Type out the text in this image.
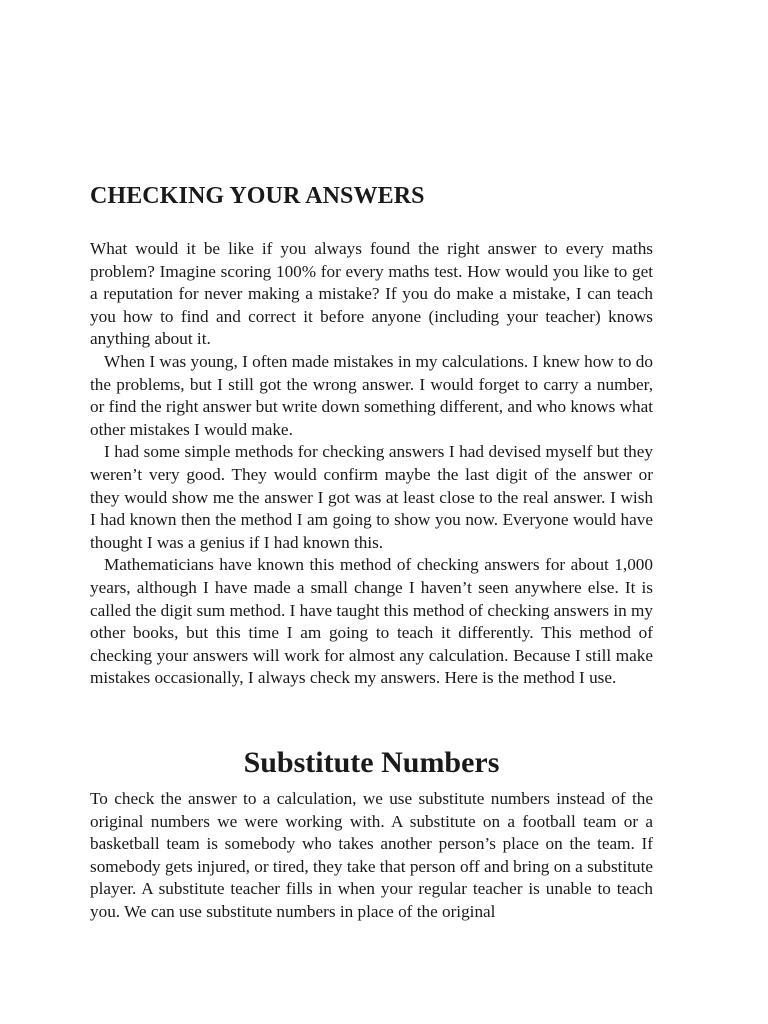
CHECKING YOUR ANSWERS

What would it be like if you always found the right answer to every maths problem? Imagine scoring 100% for every maths test. How would you like to get a reputation for never making a mistake? If you do make a mistake, I can teach you how to find and correct it before anyone (including your teacher) knows anything about it.

When I was young, I often made mistakes in my calculations. I knew how to do the problems, but I still got the wrong answer. I would forget to carry a number, or find the right answer but write down something different, and who knows what other mistakes I would make.

I had some simple methods for checking answers I had devised myself but they weren’t very good. They would confirm maybe the last digit of the answer or they would show me the answer I got was at least close to the real answer. I wish I had known then the method I am going to show you now. Everyone would have thought I was a genius if I had known this.

Mathematicians have known this method of checking answers for about 1,000 years, although I have made a small change I haven’t seen anywhere else. It is called the digit sum method. I have taught this method of checking answers in my other books, but this time I am going to teach it differently. This method of checking your answers will work for almost any calculation. Because I still make mistakes occasionally, I always check my answers. Here is the method I use.

Substitute Numbers

To check the answer to a calculation, we use substitute numbers instead of the original numbers we were working with. A substitute on a football team or a basketball team is somebody who takes another person’s place on the team. If somebody gets injured, or tired, they take that person off and bring on a substitute player. A substitute teacher fills in when your regular teacher is unable to teach you. We can use substitute numbers in place of the original
